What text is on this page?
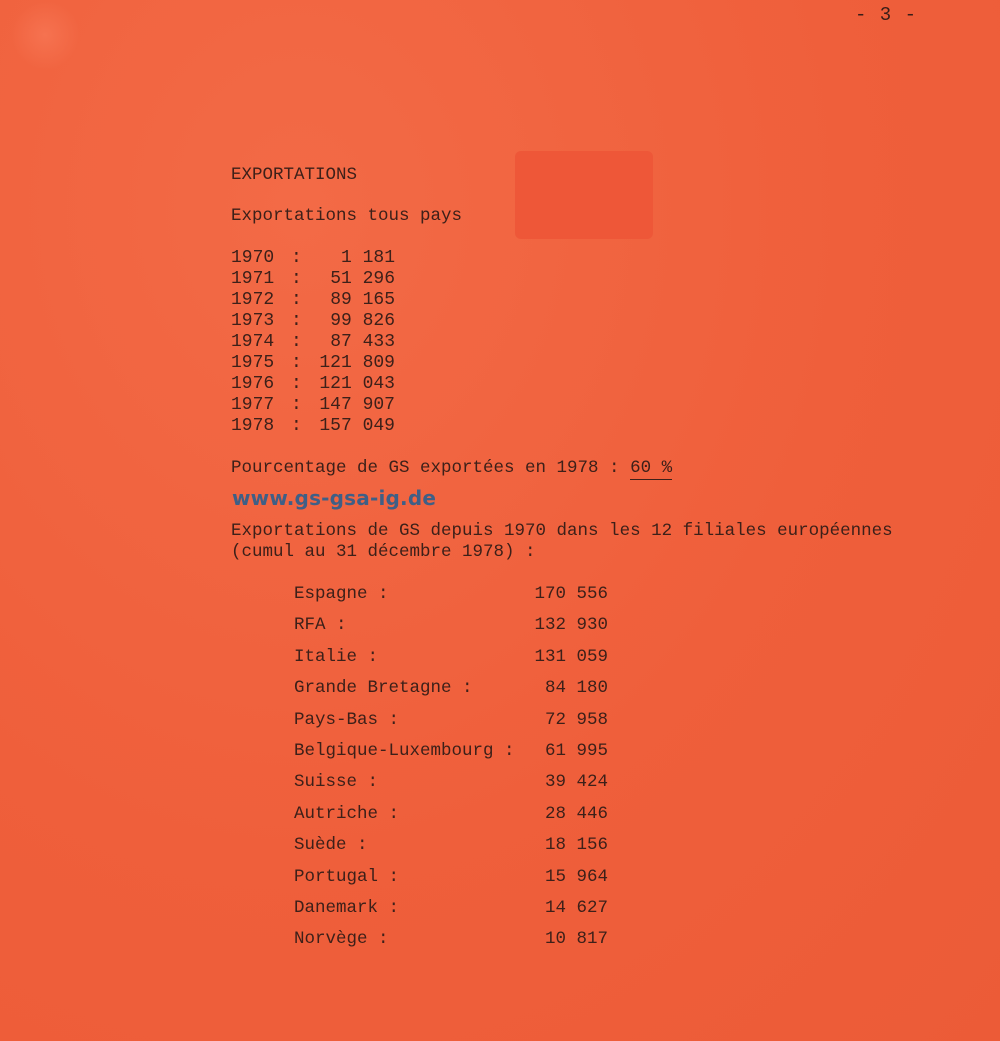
- 3 -
EXPORTATIONS
Exportations tous pays
1970 : 1 181
1971 : 51 296
1972 : 89 165
1973 : 99 826
1974 : 87 433
1975 : 121 809
1976 : 121 043
1977 : 147 907
1978 : 157 049
Pourcentage de GS exportées en 1978 : 60 %
www.gs-gsa-ig.de
Exportations de GS depuis 1970 dans les 12 filiales européennes
(cumul au 31 décembre 1978) :
Espagne :	170 556
RFA :	132 930
Italie :	131 059
Grande Bretagne :	84 180
Pays-Bas :	72 958
Belgique-Luxembourg :	61 995
Suisse :	39 424
Autriche :	28 446
Suède :	18 156
Portugal :	15 964
Danemark :	14 627
Norvège :	10 817
